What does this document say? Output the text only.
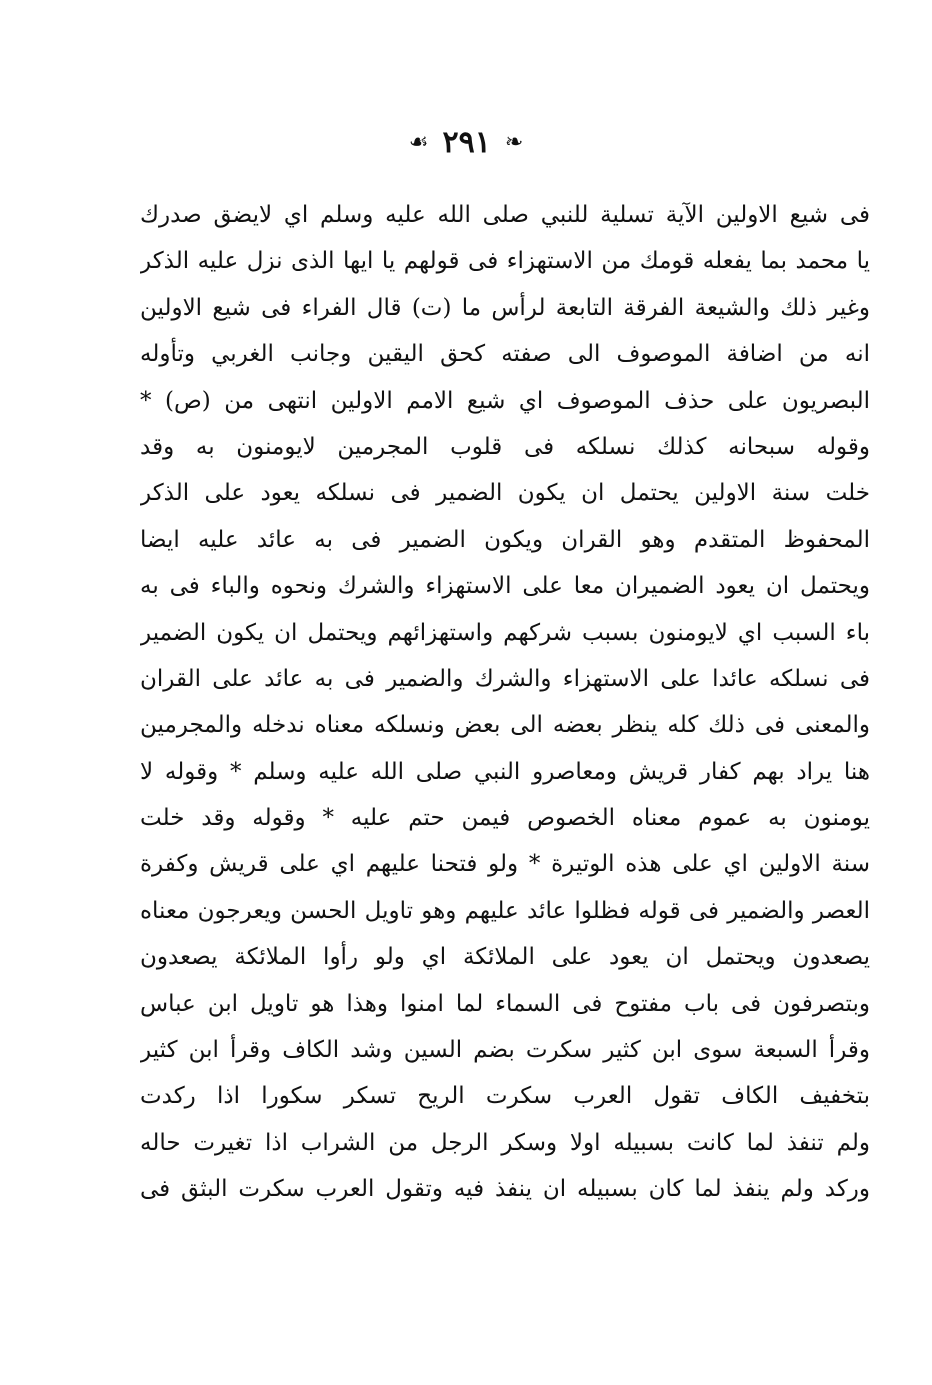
☙ ٢٩١ ❧
فی شیع الاولین الآیة تسلیة للنبي صلی الله علیه وسلم اي لایضق صدرك
یا محمد بما یفعله قومك من الاستهزاء فی قولهم یا ایها الذی نزل علیه الذکر
وغیر ذلك والشیعة الفرقة التابعة لرأس ما (ت) قال الفراء فی شیع الاولین
انه من اضافة الموصوف الی صفته كحق الیقین وجانب الغربي وتأوله
البصریون علی حذف الموصوف اي شیع الامم الاولین انتهی من (ص) *
وقوله سبحانه كذلك نسلكه فی قلوب المجرمین لایومنون به وقد
خلت سنة الاولین یحتمل ان یكون الضمیر فی نسلكه یعود علی الذکر
المحفوظ المتقدم وهو القران ویكون الضمیر فی به عائد علیه ایضا
ویحتمل ان یعود الضمیران معا علی الاستهزاء والشرك ونحوه والباء فی به
باء السبب اي لایومنون بسبب شركهم واستهزائهم ویحتمل ان یكون الضمیر
فی نسلكه عائدا علی الاستهزاء والشرك والضمیر فی به عائد علی القران
والمعنی فی ذلك كله ینظر بعضه الی بعض ونسلكه معناه ندخله والمجرمین
هنا یراد بهم كفار قریش ومعاصرو النبي صلی الله علیه وسلم * وقوله لا
یومنون به عموم معناه الخصوص فیمن حتم علیه * وقوله وقد خلت
سنة الاولین اي علی هذه الوتیرة * ولو فتحنا علیهم اي علی قریش وكفرة
العصر والضمیر فی قوله فظلوا عائد علیهم وهو تاویل الحسن ویعرجون معناه
یصعدون ویحتمل ان یعود علی الملائكة اي ولو رأوا الملائكة یصعدون
وبتصرفون فی باب مفتوح فی السماء لما امنوا وهذا هو تاویل ابن عباس
وقرأ السبعة سوی ابن كثیر سكرت بضم السین وشد الكاف وقرأ ابن كثیر
بتخفیف الكاف تقول العرب سكرت الریح تسكر سكورا اذا ركدت
ولم تنفذ لما كانت بسبیله اولا وسكر الرجل من الشراب اذا تغیرت حاله
وركد ولم ینفذ لما كان بسبیله ان ینفذ فیه وتقول العرب سكرت البثق فی
